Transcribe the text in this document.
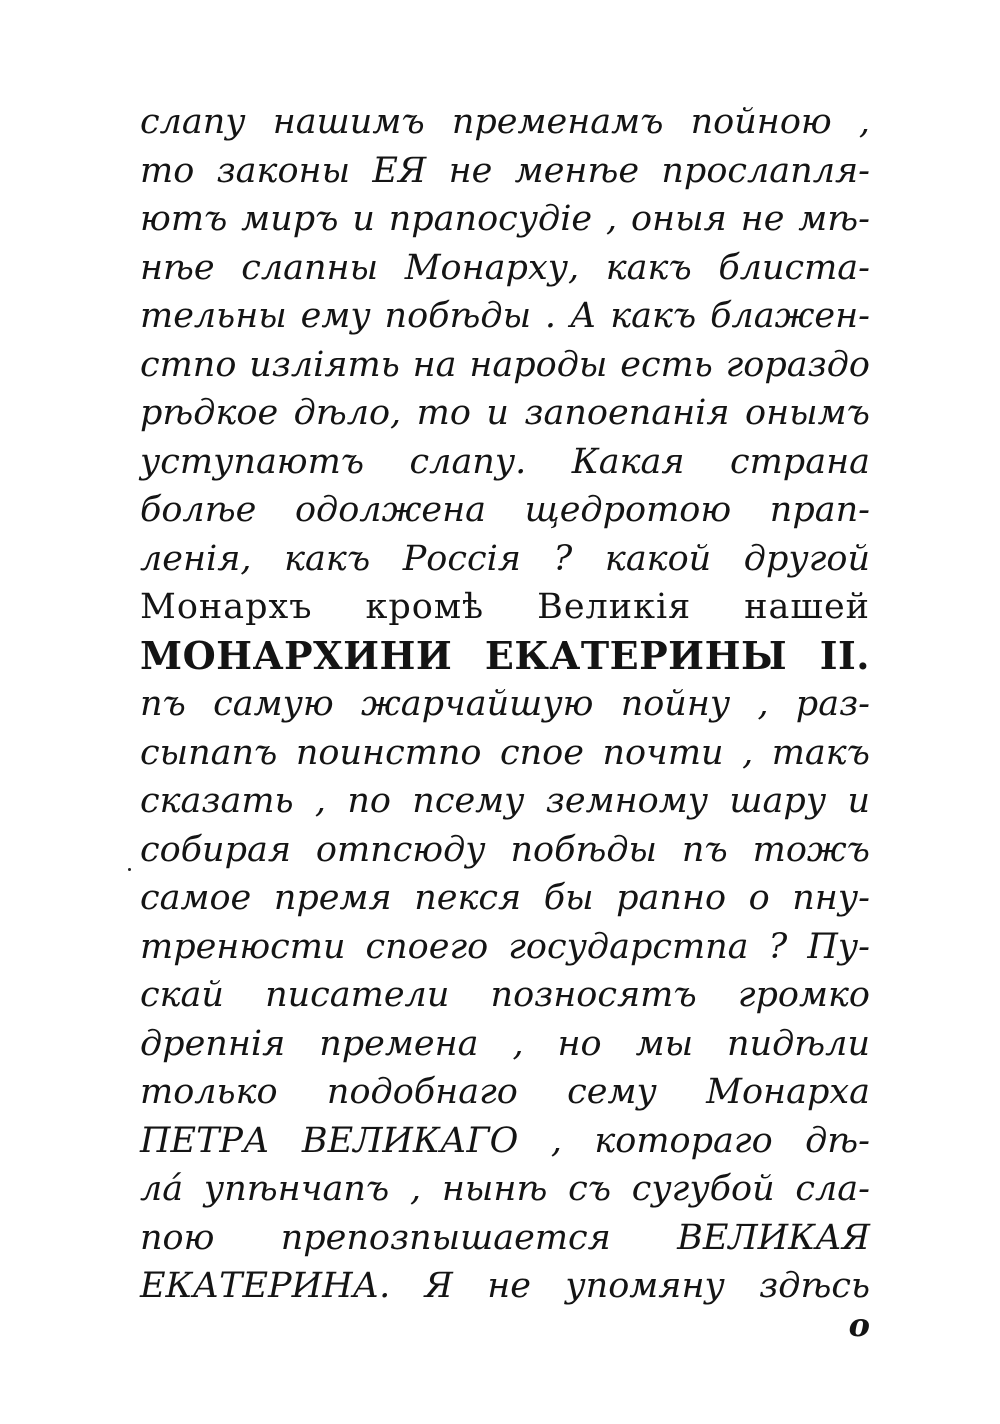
слапу нашимъ пременамъ пойною ,
то законы ЕЯ не менѣе прослапля-
ютъ миръ и прапосудіе , оныя не мѣ-
нѣе слапны Монарху, какъ блиста-
тельны ему побѣды . А какъ блажен-
стпо изліять на народы есть гораздо
рѣдкое дѣло, то и запоепанія онымъ
уступаютъ слапу. Какая страна
болѣе одолжена щедротою прап-
ленія, какъ Россія ? какой другой
Монархъ кромѣ Великія нашей
МОНАРХИНИ ЕКАТЕРИНЫ II.
пъ самую жарчайшую пойну , раз-
сыпапъ поинстпо спое почти , такъ
сказать , по псему земному шару и
собирая отпсюду побѣды пъ тожъ
самое премя пекся бы рапно о пну-
тренюсти спoего государстпа ? Пу-
скай писатели позносятъ громко
дрепнія премена , но мы пидѣли
только подобнаго сему Монарха
ПЕТРА ВЕЛИКАГО , котораго дѣ-
лá упѣнчапъ , нынѣ съ сугубой сла-
пою препозпышается ВЕЛИКАЯ
ЕКАТЕРИНА. Я не упомяну здѣсь
о
